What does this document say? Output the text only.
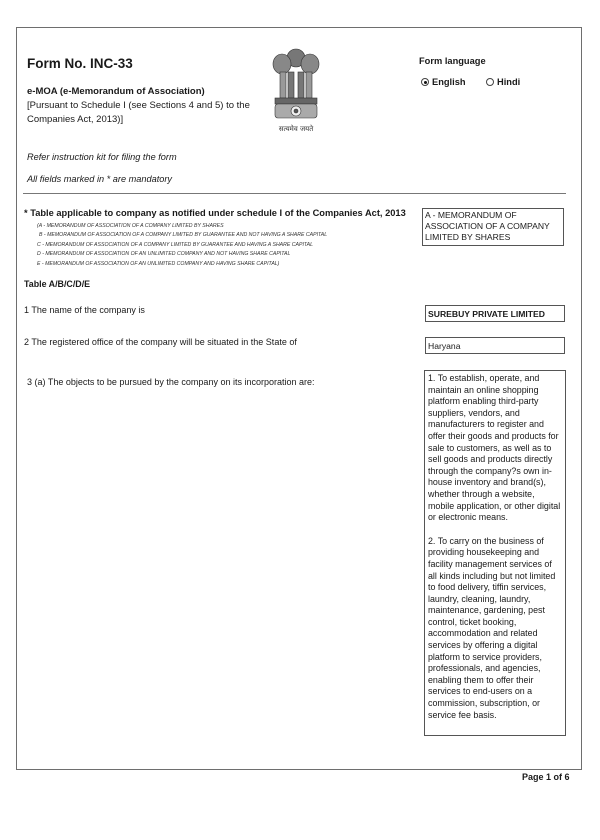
Form No. INC-33
e-MOA (e-Memorandum of Association)
[Pursuant to Schedule I (see Sections 4 and 5) to the Companies Act, 2013)]
सत्यमेव जयते
Form language
English	Hindi
Refer instruction kit for filing the form
All fields marked in * are mandatory
* Table applicable to company as notified under schedule I of the Companies Act, 2013
(A - MEMORANDUM OF ASSOCIATION OF A COMPANY LIMITED BY SHARES
B - MEMORANDUM OF ASSOCIATION OF A COMPANY LIMITED BY GUARANTEE AND NOT HAVING A SHARE CAPITAL
C - MEMORANDUM OF ASSOCIATION OF A COMPANY LIMITED BY GUARANTEE AND HAVING A SHARE CAPITAL
D - MEMORANDUM OF ASSOCIATION OF AN UNLIMITED COMPANY AND NOT HAVING SHARE CAPITAL
E - MEMORANDUM OF ASSOCIATION OF AN UNLIMITED COMPANY AND HAVING SHARE CAPITAL)
A - MEMORANDUM OF ASSOCIATION OF A COMPANY LIMITED BY SHARES
Table A/B/C/D/E
1 The name of the company is	SUREBUY PRIVATE LIMITED
2 The registered office of the company will be situated in the State of	Haryana
3 (a) The objects to be pursued by the company on its incorporation are:	1. To establish, operate, and maintain an online shopping platform enabling third-party suppliers, vendors, and manufacturers to register and offer their goods and products for sale to customers, as well as to sell goods and products directly through the company?s own in-house inventory and brand(s), whether through a website, mobile application, or other digital or electronic means.

2. To carry on the business of providing housekeeping and facility management services of all kinds including but not limited to food delivery, tiffin services, laundry, cleaning, laundry, maintenance, gardening, pest control, ticket booking, accommodation and related services by offering a digital platform to service providers, professionals, and agencies, enabling them to offer their services to end-users on a commission, subscription, or service fee basis.

Page 1 of 6
